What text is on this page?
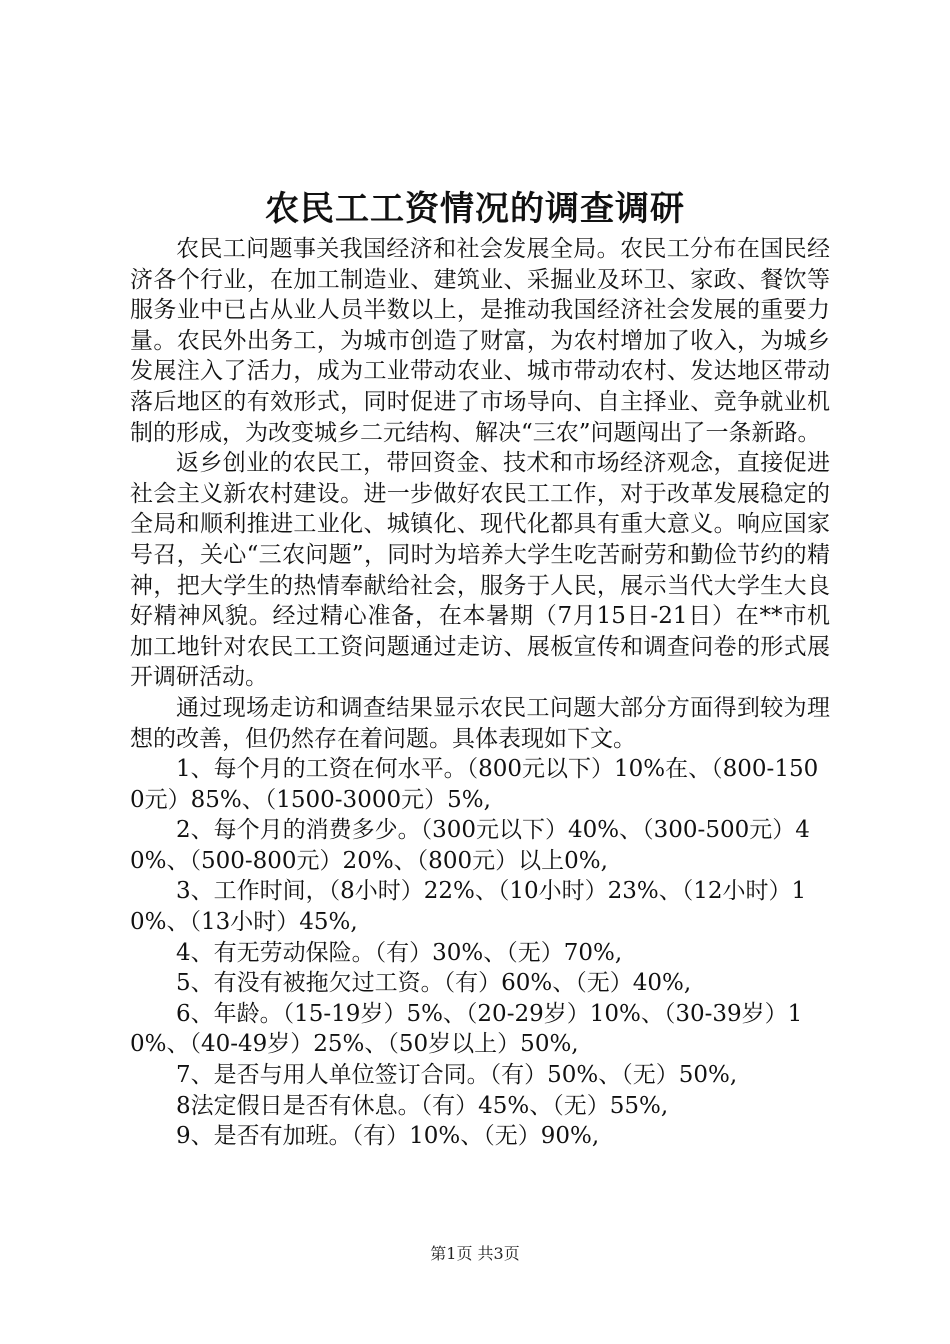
农民工工资情况的调查调研

农民工问题事关我国经济和社会发展全局。农民工分布在国民经济各个行业，在加工制造业、建筑业、采掘业及环卫、家政、餐饮等服务业中已占从业人员半数以上，是推动我国经济社会发展的重要力量。农民外出务工，为城市创造了财富，为农村增加了收入，为城乡发展注入了活力，成为工业带动农业、城市带动农村、发达地区带动落后地区的有效形式，同时促进了市场导向、自主择业、竞争就业机制的形成，为改变城乡二元结构、解决“三农”问题闯出了一条新路。

返乡创业的农民工，带回资金、技术和市场经济观念，直接促进社会主义新农村建设。进一步做好农民工工作，对于改革发展稳定的全局和顺利推进工业化、城镇化、现代化都具有重大意义。响应国家号召，关心“三农问题”，同时为培养大学生吃苦耐劳和勤俭节约的精神，把大学生的热情奉献给社会，服务于人民，展示当代大学生大良好精神风貌。经过精心准备，在本暑期（7月15日-21日）在**市机加工地针对农民工工资问题通过走访、展板宣传和调查问卷的形式展开调研活动。

通过现场走访和调查结果显示农民工问题大部分方面得到较为理想的改善，但仍然存在着问题。具体表现如下文。

1、每个月的工资在何水平。（800元以下）10%在、（800-1500元）85%、（1500-3000元）5%,

2、每个月的消费多少。（300元以下）40%、（300-500元）40%、（500-800元）20%、（800元）以上0%,

3、工作时间，（8小时）22%、（10小时）23%、（12小时）10%、（13小时）45%,

4、有无劳动保险。（有）30%、（无）70%,

5、有没有被拖欠过工资。（有）60%、（无）40%,

6、年龄。（15-19岁）5%、（20-29岁）10%、（30-39岁）10%、（40-49岁）25%、（50岁以上）50%,

7、是否与用人单位签订合同。（有）50%、（无）50%,

8法定假日是否有休息。（有）45%、（无）55%,

9、是否有加班。（有）10%、（无）90%,

第1页 共3页
